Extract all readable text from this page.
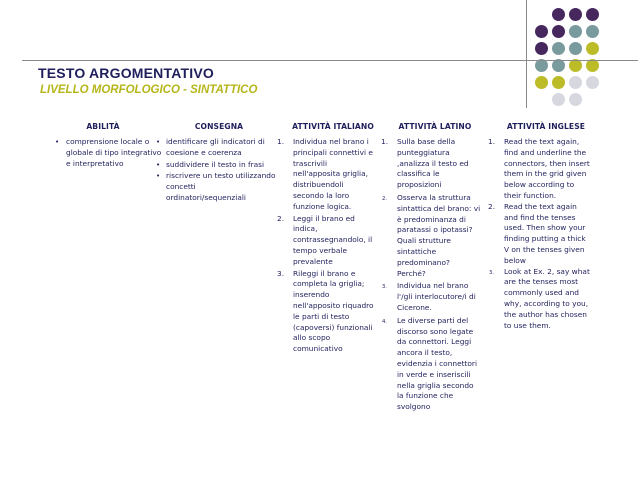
TESTO ARGOMENTATIVO
LIVELLO MORFOLOGICO - SINTATTICO
ABILITÀ
• comprensione locale o globale di tipo integrativo e interpretativo
CONSEGNA
• identificare gli indicatori di coesione e coerenza
• suddividere il testo in frasi
• riscrivere un testo utilizzando concetti ordinatori/sequenziali
ATTIVITÀ ITALIANO
1. Individua nel brano i principali connettivi e trascrivili nell'apposita griglia, distribuendoli secondo la loro funzione logica.
2. Leggi il brano ed indica, contrassegnandolo, il tempo verbale prevalente
3. Rileggi il brano e completa la griglia; inserendo nell'apposito riquadro le parti di testo (capoversi) funzionali allo scopo comunicativo
ATTIVITÀ LATINO
1. Sulla base della punteggiatura ,analizza il testo ed classifica le proposizioni
2. Osserva la struttura sintattica del brano: vi è predominanza di paratassi o ipotassi? Quali strutture sintattiche predominano? Perché?
3. Individua nel brano l'/gli interlocutore/i di Cicerone.
4. Le diverse parti del discorso sono legate da connettori. Leggi ancora il testo, evidenzia i connettori in verde e inseriscili nella griglia secondo la funzione che svolgono
ATTIVITÀ INGLESE
1. Read the text again, find and underline the connectors, then insert them in the grid given below according to their function.
2. Read the text again and find the tenses used. Then show your finding putting a thick V on the tenses given below
3. Look at Ex. 2, say what are the tenses most commonly used and why, according to you, the author has chosen to use them.
